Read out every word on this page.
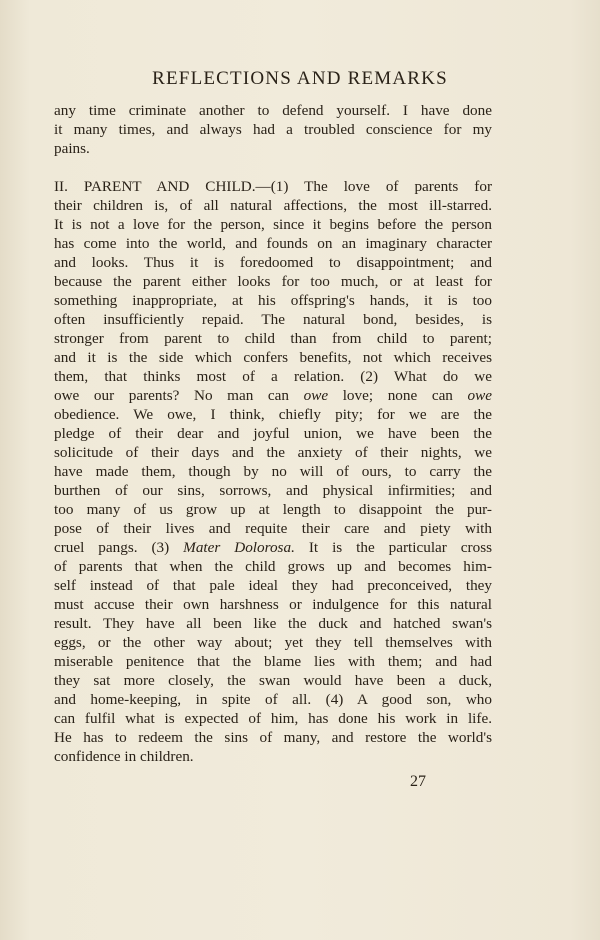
REFLECTIONS AND REMARKS
any time criminate another to defend yourself. I have done
it many times, and always had a troubled conscience for my
pains.
II. PARENT AND CHILD.—(1) The love of parents for
their children is, of all natural affections, the most ill-starred.
It is not a love for the person, since it begins before the person
has come into the world, and founds on an imaginary character
and looks. Thus it is foredoomed to disappointment; and
because the parent either looks for too much, or at least for
something inappropriate, at his offspring's hands, it is too
often insufficiently repaid. The natural bond, besides, is
stronger from parent to child than from child to parent;
and it is the side which confers benefits, not which receives
them, that thinks most of a relation. (2) What do we
owe our parents? No man can owe love; none can owe
obedience. We owe, I think, chiefly pity; for we are the
pledge of their dear and joyful union, we have been the
solicitude of their days and the anxiety of their nights, we
have made them, though by no will of ours, to carry the
burthen of our sins, sorrows, and physical infirmities; and
too many of us grow up at length to disappoint the pur-
pose of their lives and requite their care and piety with
cruel pangs. (3) Mater Dolorosa. It is the particular cross
of parents that when the child grows up and becomes him-
self instead of that pale ideal they had preconceived, they
must accuse their own harshness or indulgence for this natural
result. They have all been like the duck and hatched swan's
eggs, or the other way about; yet they tell themselves with
miserable penitence that the blame lies with them; and had
they sat more closely, the swan would have been a duck,
and home-keeping, in spite of all. (4) A good son, who
can fulfil what is expected of him, has done his work in life.
He has to redeem the sins of many, and restore the world's
confidence in children.
27
